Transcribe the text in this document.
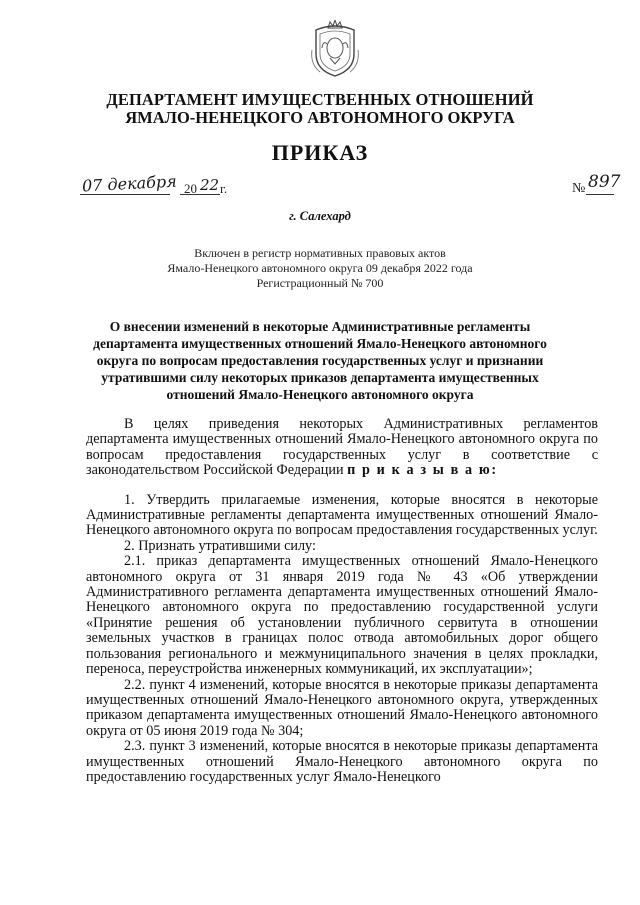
ДЕПАРТАМЕНТ ИМУЩЕСТВЕННЫХ ОТНОШЕНИЙ
ЯМАЛО-НЕНЕЦКОГО АВТОНОМНОГО ОКРУГА
ПРИКАЗ
07 декабря 20 22 г.	№ 897
г. Салехард
Включен в регистр нормативных правовых актов
Ямало-Ненецкого автономного округа 09 декабря 2022 года
Регистрационный № 700
О внесении изменений в некоторые Административные регламенты
департамента имущественных отношений Ямало-Ненецкого автономного
округа по вопросам предоставления государственных услуг и признании
утратившими силу некоторых приказов департамента имущественных
отношений Ямало-Ненецкого автономного округа

В целях приведения некоторых Административных регламентов департамента имущественных отношений Ямало-Ненецкого автономного округа по вопросам предоставления государственных услуг в соответствие с законодательством Российской Федерации п р и к а з ы в а ю:

1. Утвердить прилагаемые изменения, которые вносятся в некоторые Административные регламенты департамента имущественных отношений Ямало-Ненецкого автономного округа по вопросам предоставления государственных услуг.

2. Признать утратившими силу:

2.1. приказ департамента имущественных отношений Ямало-Ненецкого автономного округа от 31 января 2019 года № 43 «Об утверждении Административного регламента департамента имущественных отношений Ямало-Ненецкого автономного округа по предоставлению государственной услуги «Принятие решения об установлении публичного сервитута в отношении земельных участков в границах полос отвода автомобильных дорог общего пользования регионального и межмуниципального значения в целях прокладки, переноса, переустройства инженерных коммуникаций, их эксплуатации»;

2.2. пункт 4 изменений, которые вносятся в некоторые приказы департамента имущественных отношений Ямало-Ненецкого автономного округа, утвержденных приказом департамента имущественных отношений Ямало-Ненецкого автономного округа от 05 июня 2019 года № 304;

2.3. пункт 3 изменений, которые вносятся в некоторые приказы департамента имущественных отношений Ямало-Ненецкого автономного округа по предоставлению государственных услуг Ямало-Ненецкого
